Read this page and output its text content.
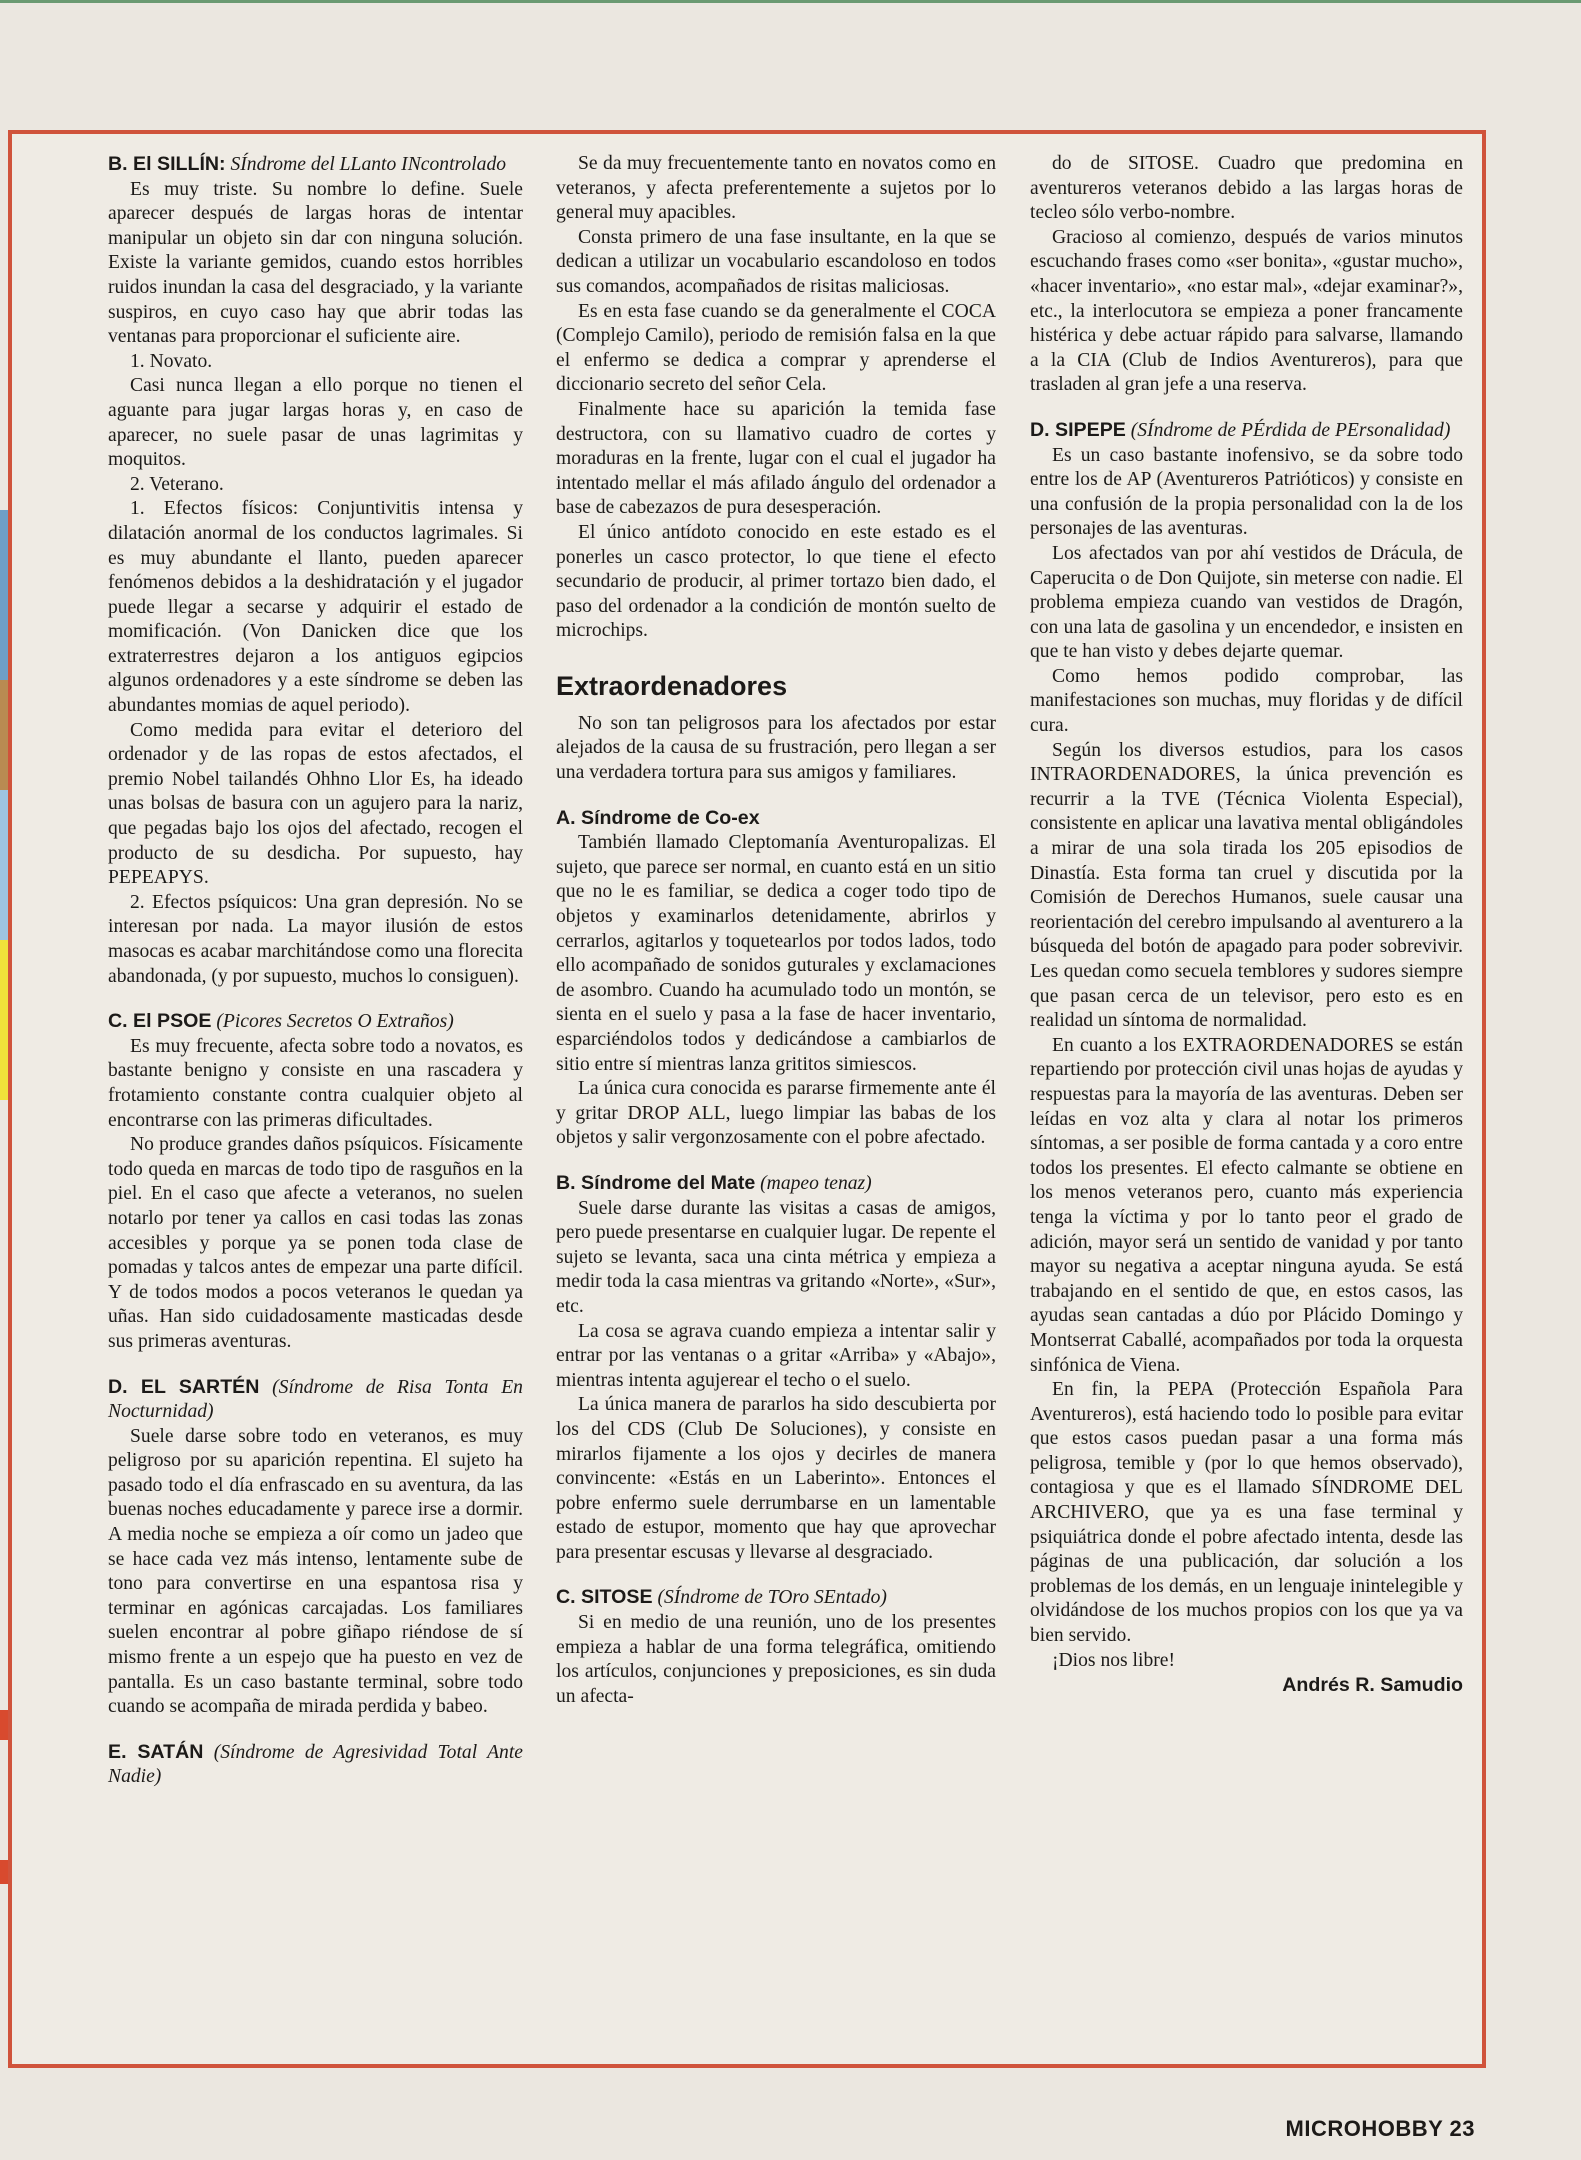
B. El SILLÍN: SÍndrome del LLanto INcontrolado

Es muy triste. Su nombre lo define. Suele aparecer después de largas horas de intentar manipular un objeto sin dar con ninguna solución. Existe la variante gemidos, cuando estos horribles ruidos inundan la casa del desgraciado, y la variante suspiros, en cuyo caso hay que abrir todas las ventanas para proporcionar el suficiente aire.

1. Novato.

Casi nunca llegan a ello porque no tienen el aguante para jugar largas horas y, en caso de aparecer, no suele pasar de unas lagrimitas y moquitos.

2. Veterano.

1. Efectos físicos: Conjuntivitis intensa y dilatación anormal de los conductos lagrimales. Si es muy abundante el llanto, pueden aparecer fenómenos debidos a la deshidratación y el jugador puede llegar a secarse y adquirir el estado de momificación. (Von Danicken dice que los extraterrestres dejaron a los antiguos egipcios algunos ordenadores y a este síndrome se deben las abundantes momias de aquel periodo).

Como medida para evitar el deterioro del ordenador y de las ropas de estos afectados, el premio Nobel tailandés Ohhno Llor Es, ha ideado unas bolsas de basura con un agujero para la nariz, que pegadas bajo los ojos del afectado, recogen el producto de su desdicha. Por supuesto, hay PEPEAPYS.

2. Efectos psíquicos: Una gran depresión. No se interesan por nada. La mayor ilusión de estos masocas es acabar marchitándose como una florecita abandonada, (y por supuesto, muchos lo consiguen).

C. El PSOE (Picores Secretos O Extraños)

Es muy frecuente, afecta sobre todo a novatos, es bastante benigno y consiste en una rascadera y frotamiento constante contra cualquier objeto al encontrarse con las primeras dificultades.

No produce grandes daños psíquicos. Físicamente todo queda en marcas de todo tipo de rasguños en la piel. En el caso que afecte a veteranos, no suelen notarlo por tener ya callos en casi todas las zonas accesibles y porque ya se ponen toda clase de pomadas y talcos antes de empezar una parte difícil. Y de todos modos a pocos veteranos le quedan ya uñas. Han sido cuidadosamente masticadas desde sus primeras aventuras.

D. EL SARTÉN (Síndrome de Risa Tonta En Nocturnidad)

Suele darse sobre todo en veteranos, es muy peligroso por su aparición repentina. El sujeto ha pasado todo el día enfrascado en su aventura, da las buenas noches educadamente y parece irse a dormir. A media noche se empieza a oír como un jadeo que se hace cada vez más intenso, lentamente sube de tono para convertirse en una espantosa risa y terminar en agónicas carcajadas. Los familiares suelen encontrar al pobre giñapo riéndose de sí mismo frente a un espejo que ha puesto en vez de pantalla. Es un caso bastante terminal, sobre todo cuando se acompaña de mirada perdida y babeo.

E. SATÁN (Síndrome de Agresividad Total Ante Nadie)

Se da muy frecuentemente tanto en novatos como en veteranos, y afecta preferentemente a sujetos por lo general muy apacibles.

Consta primero de una fase insultante, en la que se dedican a utilizar un vocabulario escandoloso en todos sus comandos, acompañados de risitas maliciosas.

Es en esta fase cuando se da generalmente el COCA (Complejo Camilo), periodo de remisión falsa en la que el enfermo se dedica a comprar y aprenderse el diccionario secreto del señor Cela.

Finalmente hace su aparición la temida fase destructora, con su llamativo cuadro de cortes y moraduras en la frente, lugar con el cual el jugador ha intentado mellar el más afilado ángulo del ordenador a base de cabezazos de pura desesperación.

El único antídoto conocido en este estado es el ponerles un casco protector, lo que tiene el efecto secundario de producir, al primer tortazo bien dado, el paso del ordenador a la condición de montón suelto de microchips.

Extraordenadores

No son tan peligrosos para los afectados por estar alejados de la causa de su frustración, pero llegan a ser una verdadera tortura para sus amigos y familiares.

A. Síndrome de Co-ex

También llamado Cleptomanía Aventuropalizas. El sujeto, que parece ser normal, en cuanto está en un sitio que no le es familiar, se dedica a coger todo tipo de objetos y examinarlos detenidamente, abrirlos y cerrarlos, agitarlos y toquetearlos por todos lados, todo ello acompañado de sonidos guturales y exclamaciones de asombro. Cuando ha acumulado todo un montón, se sienta en el suelo y pasa a la fase de hacer inventario, esparciéndolos todos y dedicándose a cambiarlos de sitio entre sí mientras lanza grititos simiescos.

La única cura conocida es pararse firmemente ante él y gritar DROP ALL, luego limpiar las babas de los objetos y salir vergonzosamente con el pobre afectado.

B. Síndrome del Mate (mapeo tenaz)

Suele darse durante las visitas a casas de amigos, pero puede presentarse en cualquier lugar. De repente el sujeto se levanta, saca una cinta métrica y empieza a medir toda la casa mientras va gritando «Norte», «Sur», etc.

La cosa se agrava cuando empieza a intentar salir y entrar por las ventanas o a gritar «Arriba» y «Abajo», mientras intenta agujerear el techo o el suelo.

La única manera de pararlos ha sido descubierta por los del CDS (Club De Soluciones), y consiste en mirarlos fijamente a los ojos y decirles de manera convincente: «Estás en un Laberinto». Entonces el pobre enfermo suele derrumbarse en un lamentable estado de estupor, momento que hay que aprovechar para presentar escusas y llevarse al desgraciado.

C. SITOSE (SÍndrome de TOro SEntado)

Si en medio de una reunión, uno de los presentes empieza a hablar de una forma telegráfica, omitiendo los artículos, conjunciones y preposiciones, es sin duda un afecta-

do de SITOSE. Cuadro que predomina en aventureros veteranos debido a las largas horas de tecleo sólo verbo-nombre.

Gracioso al comienzo, después de varios minutos escuchando frases como «ser bonita», «gustar mucho», «hacer inventario», «no estar mal», «dejar examinar?», etc., la interlocutora se empieza a poner francamente histérica y debe actuar rápido para salvarse, llamando a la CIA (Club de Indios Aventureros), para que trasladen al gran jefe a una reserva.

D. SIPEPE (SÍndrome de PÉrdida de PErsonalidad)

Es un caso bastante inofensivo, se da sobre todo entre los de AP (Aventureros Patrióticos) y consiste en una confusión de la propia personalidad con la de los personajes de las aventuras.

Los afectados van por ahí vestidos de Drácula, de Caperucita o de Don Quijote, sin meterse con nadie. El problema empieza cuando van vestidos de Dragón, con una lata de gasolina y un encendedor, e insisten en que te han visto y debes dejarte quemar.

Como hemos podido comprobar, las manifestaciones son muchas, muy floridas y de difícil cura.

Según los diversos estudios, para los casos INTRAORDENADORES, la única prevención es recurrir a la TVE (Técnica Violenta Especial), consistente en aplicar una lavativa mental obligándoles a mirar de una sola tirada los 205 episodios de Dinastía. Esta forma tan cruel y discutida por la Comisión de Derechos Humanos, suele causar una reorientación del cerebro impulsando al aventurero a la búsqueda del botón de apagado para poder sobrevivir. Les quedan como secuela temblores y sudores siempre que pasan cerca de un televisor, pero esto es en realidad un síntoma de normalidad.

En cuanto a los EXTRAORDENADORES se están repartiendo por protección civil unas hojas de ayudas y respuestas para la mayoría de las aventuras. Deben ser leídas en voz alta y clara al notar los primeros síntomas, a ser posible de forma cantada y a coro entre todos los presentes. El efecto calmante se obtiene en los menos veteranos pero, cuanto más experiencia tenga la víctima y por lo tanto peor el grado de adición, mayor será un sentido de vanidad y por tanto mayor su negativa a aceptar ninguna ayuda. Se está trabajando en el sentido de que, en estos casos, las ayudas sean cantadas a dúo por Plácido Domingo y Montserrat Caballé, acompañados por toda la orquesta sinfónica de Viena.

En fin, la PEPA (Protección Española Para Aventureros), está haciendo todo lo posible para evitar que estos casos puedan pasar a una forma más peligrosa, temible y (por lo que hemos observado), contagiosa y que es el llamado SÍNDROME DEL ARCHIVERO, que ya es una fase terminal y psiquiátrica donde el pobre afectado intenta, desde las páginas de una publicación, dar solución a los problemas de los demás, en un lenguaje inintelegible y olvidándose de los muchos propios con los que ya va bien servido.

¡Dios nos libre!

Andrés R. Samudio

MICROHOBBY 23
